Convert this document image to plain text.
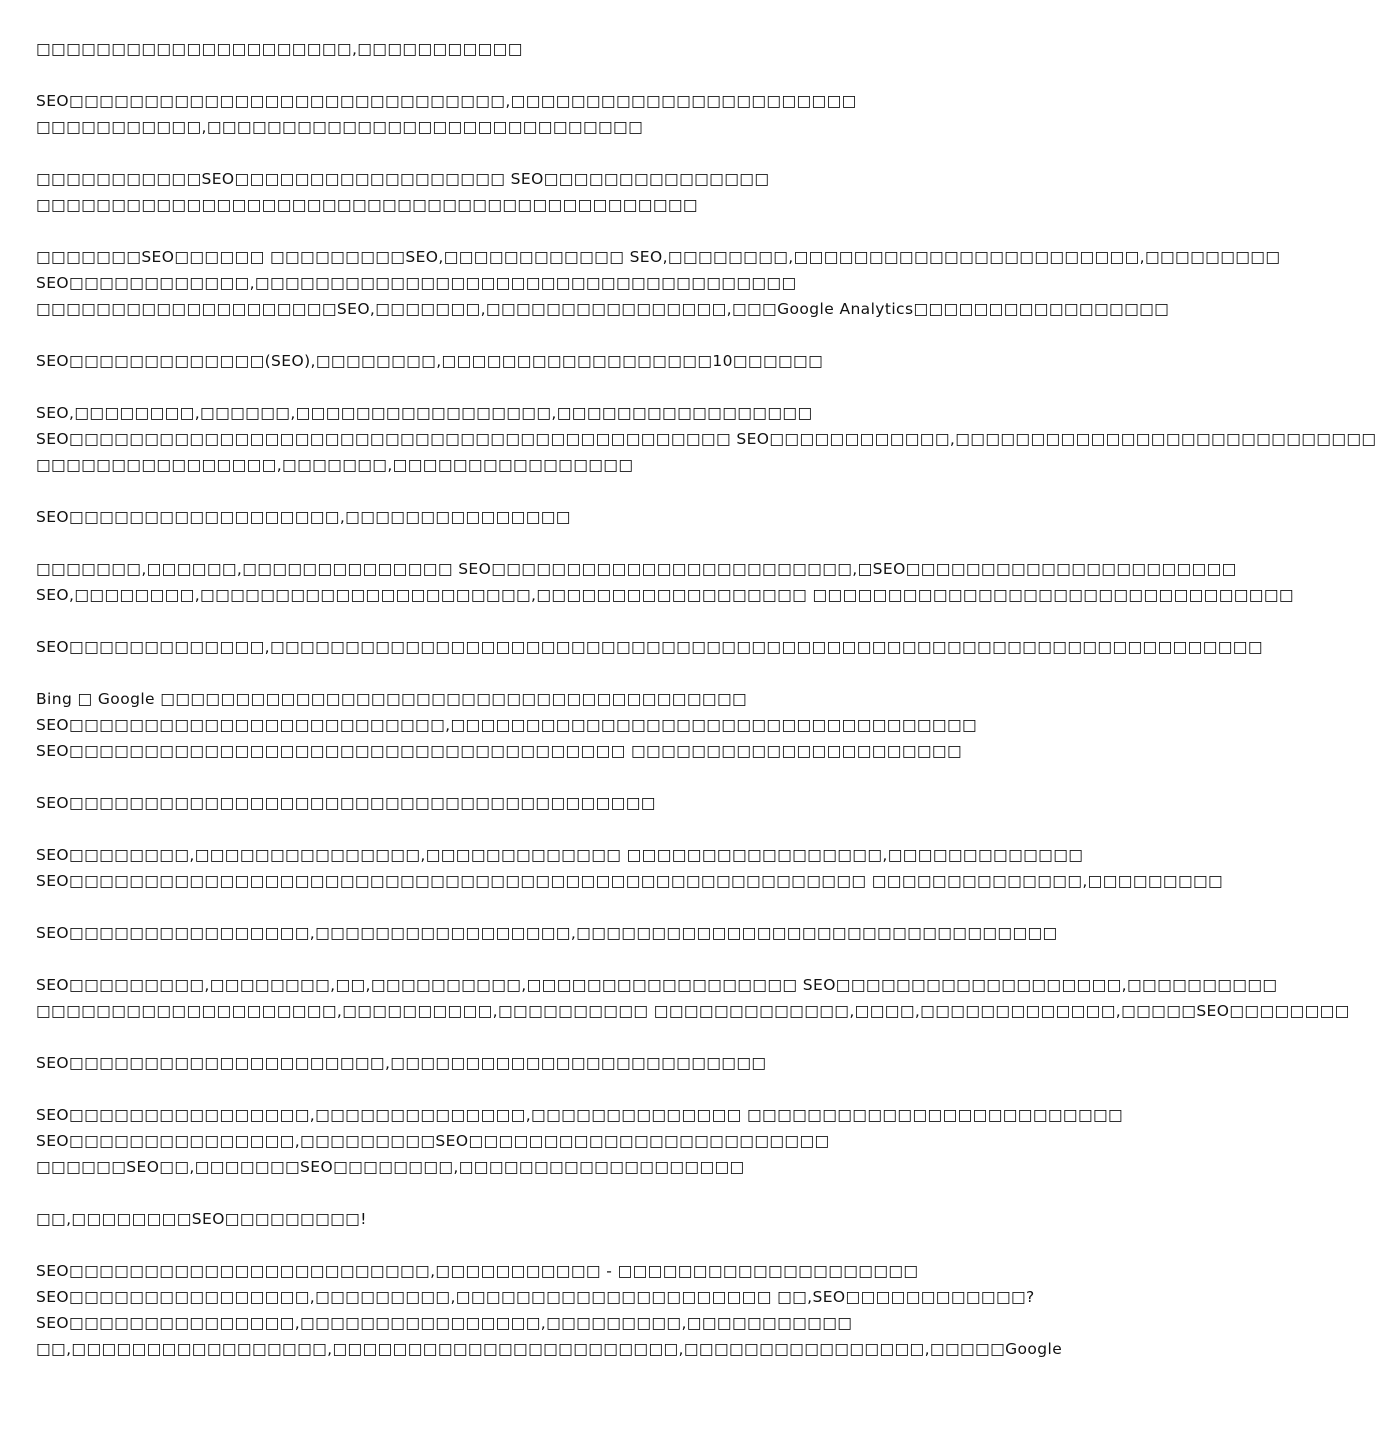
□□□□□□□□□□□□□□□□□□□□□,□□□□□□□□□□□
SEO□□□□□□□□□□□□□□□□□□□□□□□□□□□□□,□□□□□□□□□□□□□□□□□□□□□□□
□□□□□□□□□□□,□□□□□□□□□□□□□□□□□□□□□□□□□□□□□
□□□□□□□□□□□SEO□□□□□□□□□□□□□□□□□□ SEO□□□□□□□□□□□□□□□
□□□□□□□□□□□□□□□□□□□□□□□□□□□□□□□□□□□□□□□□□□□□
□□□□□□□SEO□□□□□□ □□□□□□□□□SEO,□□□□□□□□□□□□ SEO,□□□□□□□□,□□□□□□□□□□□□□□□□□□□□□□□,□□□□□□□□□
SEO□□□□□□□□□□□□,□□□□□□□□□□□□□□□□□□□□□□□□□□□□□□□□□□□□
□□□□□□□□□□□□□□□□□□□□SEO,□□□□□□□,□□□□□□□□□□□□□□□□,□□□Google Analytics□□□□□□□□□□□□□□□□□
SEO□□□□□□□□□□□□□(SEO),□□□□□□□□,□□□□□□□□□□□□□□□□□□10□□□□□□
SEO,□□□□□□□□,□□□□□□,□□□□□□□□□□□□□□□□□,□□□□□□□□□□□□□□□□□
SEO□□□□□□□□□□□□□□□□□□□□□□□□□□□□□□□□□□□□□□□□□□□□ SEO□□□□□□□□□□□□,□□□□□□□□□□□□□□□□□□□□□□□□□□□□
□□□□□□□□□□□□□□□□,□□□□□□□,□□□□□□□□□□□□□□□□
SEO□□□□□□□□□□□□□□□□□□,□□□□□□□□□□□□□□□
□□□□□□□,□□□□□□,□□□□□□□□□□□□□□ SEO□□□□□□□□□□□□□□□□□□□□□□□□,□SEO□□□□□□□□□□□□□□□□□□□□□□
SEO,□□□□□□□□,□□□□□□□□□□□□□□□□□□□□□□,□□□□□□□□□□□□□□□□□□ □□□□□□□□□□□□□□□□□□□□□□□□□□□□□□□□
SEO□□□□□□□□□□□□□,□□□□□□□□□□□□□□□□□□□□□□□□□□□□□□□□□□□□□□□□□□□□□□□□□□□□□□□□□□□□□□□□□□
Bing □ Google □□□□□□□□□□□□□□□□□□□□□□□□□□□□□□□□□□□□□□□
SEO□□□□□□□□□□□□□□□□□□□□□□□□□,□□□□□□□□□□□□□□□□□□□□□□□□□□□□□□□□□□□
SEO□□□□□□□□□□□□□□□□□□□□□□□□□□□□□□□□□□□□□ □□□□□□□□□□□□□□□□□□□□□□
SEO□□□□□□□□□□□□□□□□□□□□□□□□□□□□□□□□□□□□□□□
SEO□□□□□□□□,□□□□□□□□□□□□□□□,□□□□□□□□□□□□□ □□□□□□□□□□□□□□□□□,□□□□□□□□□□□□□
SEO□□□□□□□□□□□□□□□□□□□□□□□□□□□□□□□□□□□□□□□□□□□□□□□□□□□□□ □□□□□□□□□□□□□□,□□□□□□□□□
SEO□□□□□□□□□□□□□□□□,□□□□□□□□□□□□□□□□□,□□□□□□□□□□□□□□□□□□□□□□□□□□□□□□□□
SEO□□□□□□□□□,□□□□□□□□,□□,□□□□□□□□□□,□□□□□□□□□□□□□□□□□□ SEO□□□□□□□□□□□□□□□□□□□,□□□□□□□□□□
□□□□□□□□□□□□□□□□□□□□,□□□□□□□□□□,□□□□□□□□□□ □□□□□□□□□□□□□,□□□□,□□□□□□□□□□□□□,□□□□□SEO□□□□□□□□
SEO□□□□□□□□□□□□□□□□□□□□□,□□□□□□□□□□□□□□□□□□□□□□□□□
SEO□□□□□□□□□□□□□□□□,□□□□□□□□□□□□□□,□□□□□□□□□□□□□□ □□□□□□□□□□□□□□□□□□□□□□□□□
SEO□□□□□□□□□□□□□□□,□□□□□□□□□SEO□□□□□□□□□□□□□□□□□□□□□□□□
□□□□□□SEO□□,□□□□□□□SEO□□□□□□□□,□□□□□□□□□□□□□□□□□□□
□□,□□□□□□□□SEO□□□□□□□□□!
SEO□□□□□□□□□□□□□□□□□□□□□□□□,□□□□□□□□□□□ - □□□□□□□□□□□□□□□□□□□□
SEO□□□□□□□□□□□□□□□□,□□□□□□□□□,□□□□□□□□□□□□□□□□□□□□□ □□,SEO□□□□□□□□□□□□?
SEO□□□□□□□□□□□□□□□,□□□□□□□□□□□□□□□□,□□□□□□□□□,□□□□□□□□□□□
□□,□□□□□□□□□□□□□□□□□,□□□□□□□□□□□□□□□□□□□□□□□,□□□□□□□□□□□□□□□□,□□□□□Google
